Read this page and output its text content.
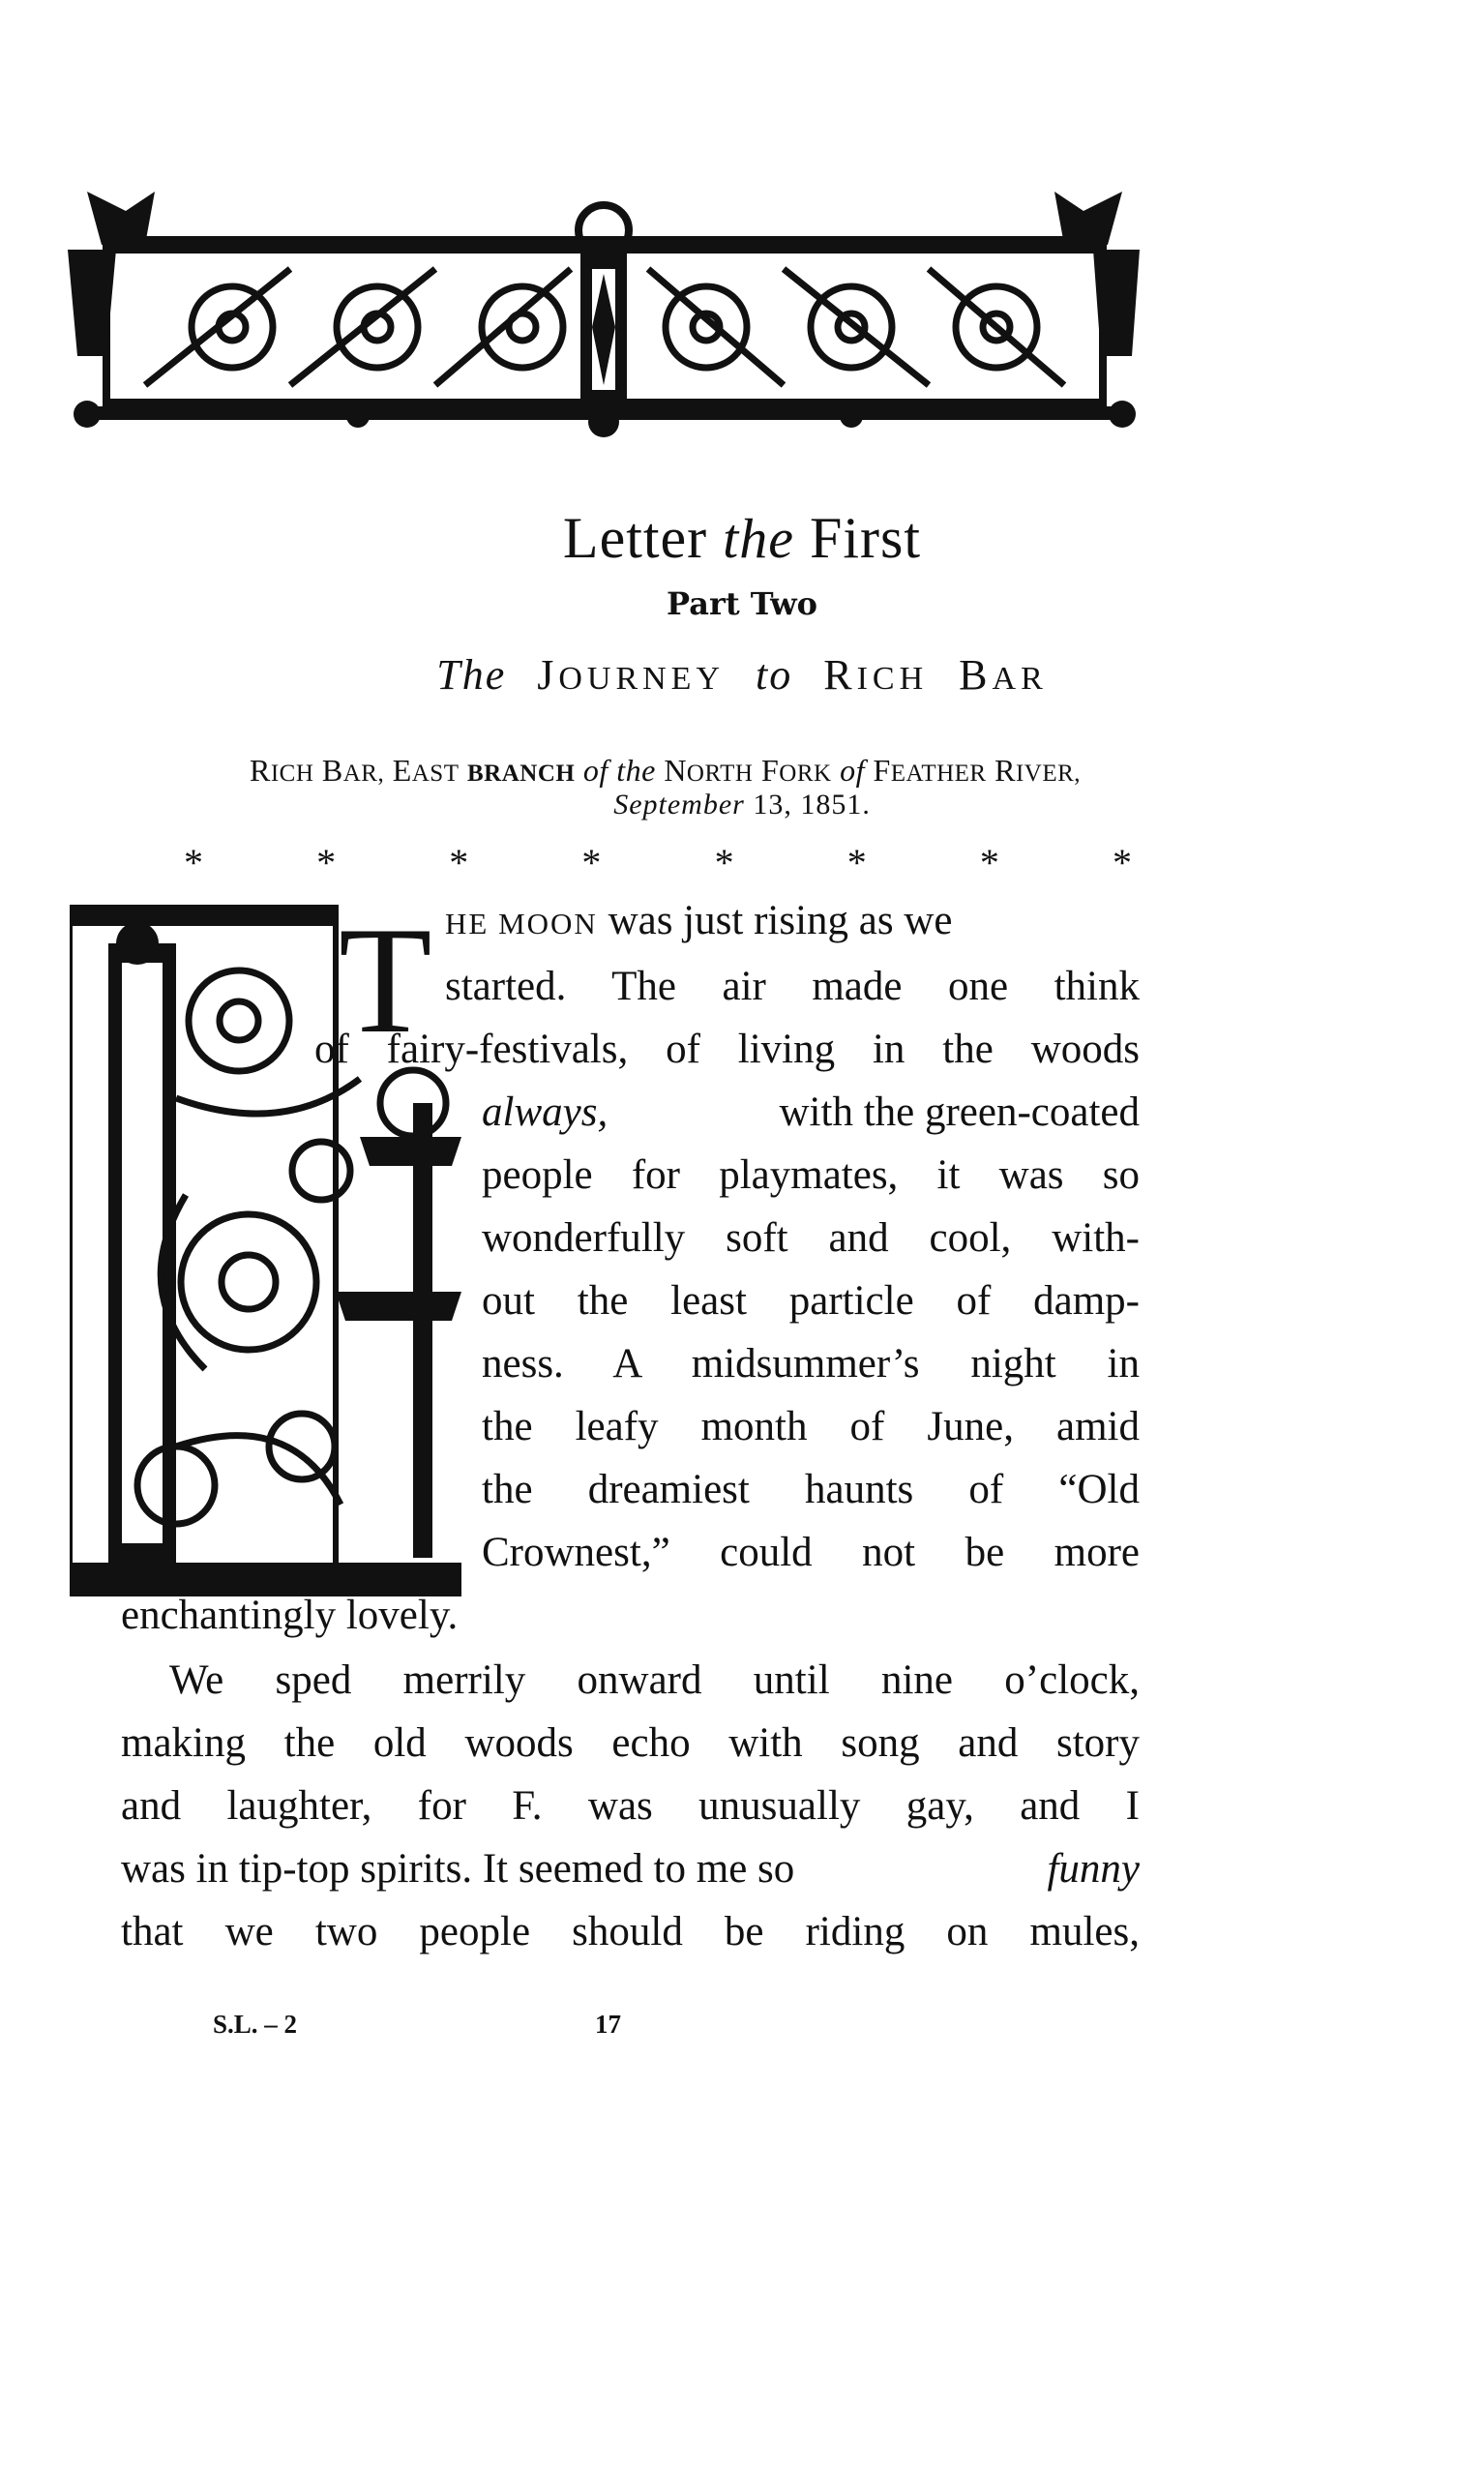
Letter the First
Part Two
The JOURNEY to RICH BAR
RICH BAR, EAST BRANCH of the NORTH FORK of FEATHER RIVER,
September 13, 1851.
*	*	*	*	*	*	*	*
T HE MOON was just rising as we
started. The air made one think
of fairy-festivals, of living in the woods
always,	with the green-coated
people for playmates, it was so
wonderfully soft and cool, with-
out the least particle of damp-
ness. A midsummer’s night in
the leafy month of June, amid
the dreamiest haunts of “Old
Crownest,” could not be more
enchantingly lovely.
We sped merrily onward until nine o’clock,
making the old woods echo with song and story
and laughter, for F. was unusually gay, and I
was in tip-top spirits. It seemed to me so	funny
that we two people should be riding on mules,
S.L. – 2	17
